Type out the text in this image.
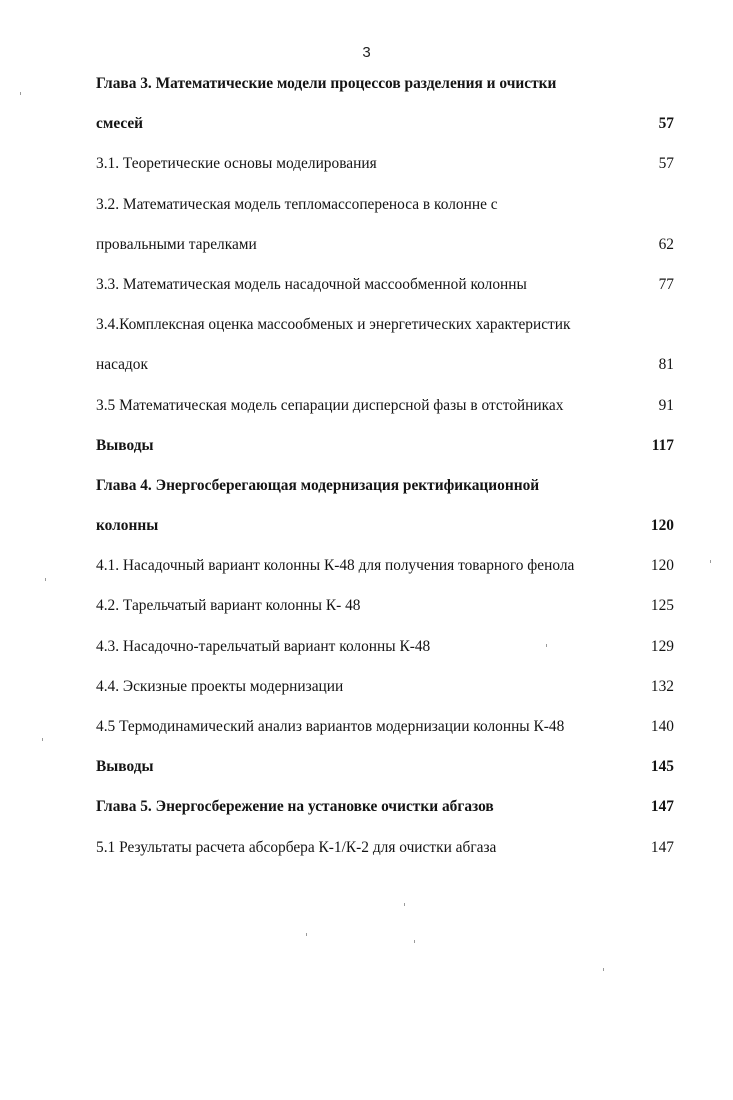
3
Глава 3. Математические модели процессов разделения и очистки
смесей	57
3.1. Теоретические основы моделирования	57
3.2. Математическая модель тепломассопереноса в колонне с
провальными тарелками	62
3.3. Математическая модель насадочной массообменной колонны	77
3.4.Комплексная оценка массообменых и энергетических характеристик
насадок	81
3.5 Математическая модель сепарации дисперсной фазы в отстойниках	91
Выводы	117
Глава 4. Энергосберегающая модернизация ректификационной
колонны	120
4.1. Насадочный вариант колонны К-48 для получения товарного фенола	120
4.2. Тарельчатый вариант колонны К- 48	125
4.3. Насадочно-тарельчатый вариант колонны К-48	129
4.4. Эскизные проекты модернизации	132
4.5 Термодинамический анализ вариантов модернизации колонны К-48	140
Выводы	145
Глава 5. Энергосбережение на установке очистки абгазов	147
5.1 Результаты расчета абсорбера К-1/К-2 для очистки абгаза	147
